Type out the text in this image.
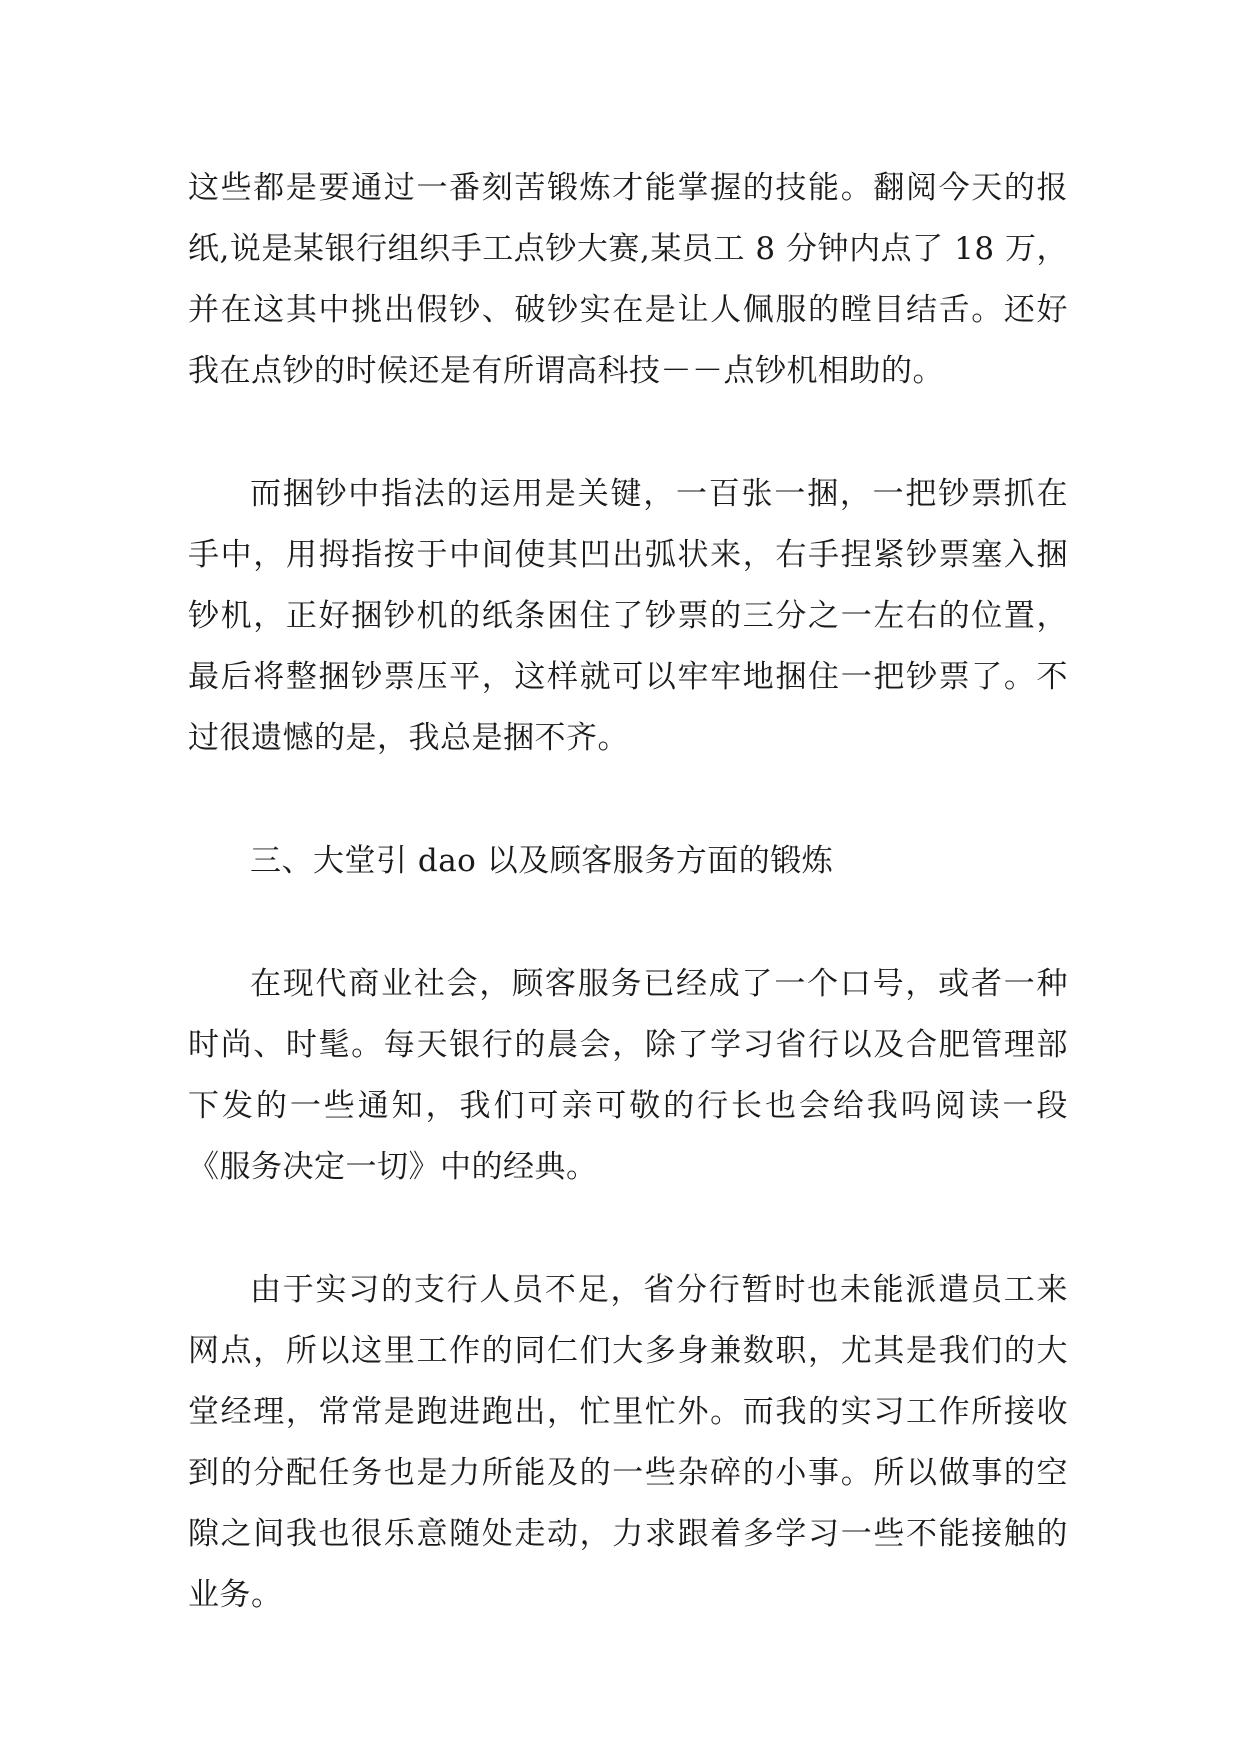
这些都是要通过一番刻苦锻炼才能掌握的技能。翻阅今天的报纸,说是某银行组织手工点钞大赛,某员工 8 分钟内点了 18 万，并在这其中挑出假钞、破钞实在是让人佩服的瞠目结舌。还好我在点钞的时候还是有所谓高科技－－点钞机相助的。

而捆钞中指法的运用是关键，一百张一捆，一把钞票抓在手中，用拇指按于中间使其凹出弧状来，右手捏紧钞票塞入捆钞机，正好捆钞机的纸条困住了钞票的三分之一左右的位置，最后将整捆钞票压平，这样就可以牢牢地捆住一把钞票了。不过很遗憾的是，我总是捆不齐。

三、大堂引 dao 以及顾客服务方面的锻炼

在现代商业社会，顾客服务已经成了一个口号，或者一种时尚、时髦。每天银行的晨会，除了学习省行以及合肥管理部下发的一些通知，我们可亲可敬的行长也会给我吗阅读一段《服务决定一切》中的经典。

由于实习的支行人员不足，省分行暂时也未能派遣员工来网点，所以这里工作的同仁们大多身兼数职，尤其是我们的大堂经理，常常是跑进跑出，忙里忙外。而我的实习工作所接收到的分配任务也是力所能及的一些杂碎的小事。所以做事的空隙之间我也很乐意随处走动，力求跟着多学习一些不能接触的业务。
